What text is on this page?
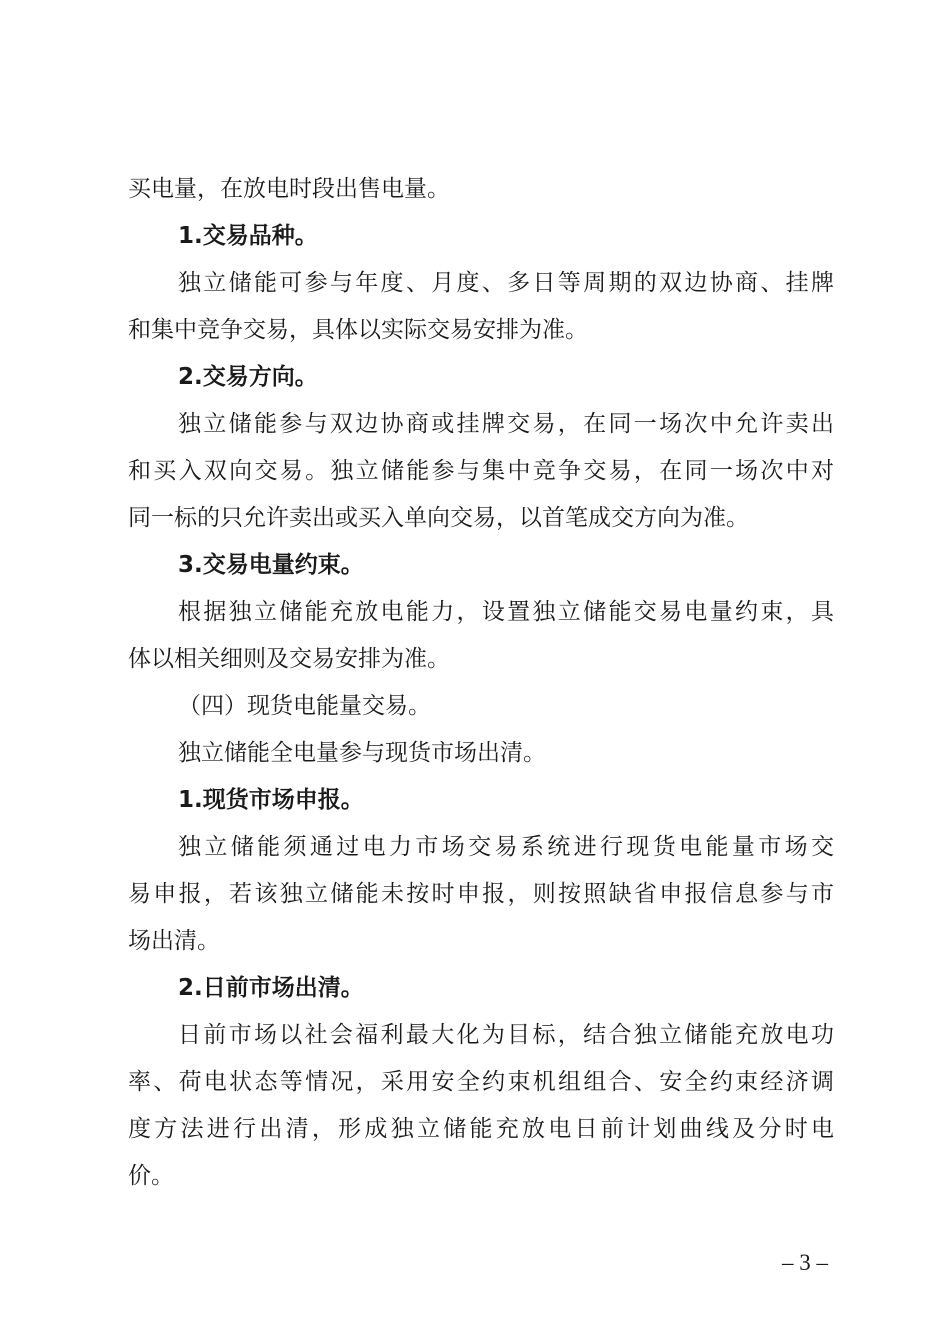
买电量，在放电时段出售电量。
1.交易品种。
独立储能可参与年度、月度、多日等周期的双边协商、挂牌
和集中竞争交易，具体以实际交易安排为准。
2.交易方向。
独立储能参与双边协商或挂牌交易，在同一场次中允许卖出
和买入双向交易。独立储能参与集中竞争交易，在同一场次中对
同一标的只允许卖出或买入单向交易，以首笔成交方向为准。
3.交易电量约束。
根据独立储能充放电能力，设置独立储能交易电量约束，具
体以相关细则及交易安排为准。
（四）现货电能量交易。
独立储能全电量参与现货市场出清。
1.现货市场申报。
独立储能须通过电力市场交易系统进行现货电能量市场交
易申报，若该独立储能未按时申报，则按照缺省申报信息参与市
场出清。
2.日前市场出清。
日前市场以社会福利最大化为目标，结合独立储能充放电功
率、荷电状态等情况，采用安全约束机组组合、安全约束经济调
度方法进行出清，形成独立储能充放电日前计划曲线及分时电
价。
– 3 –
